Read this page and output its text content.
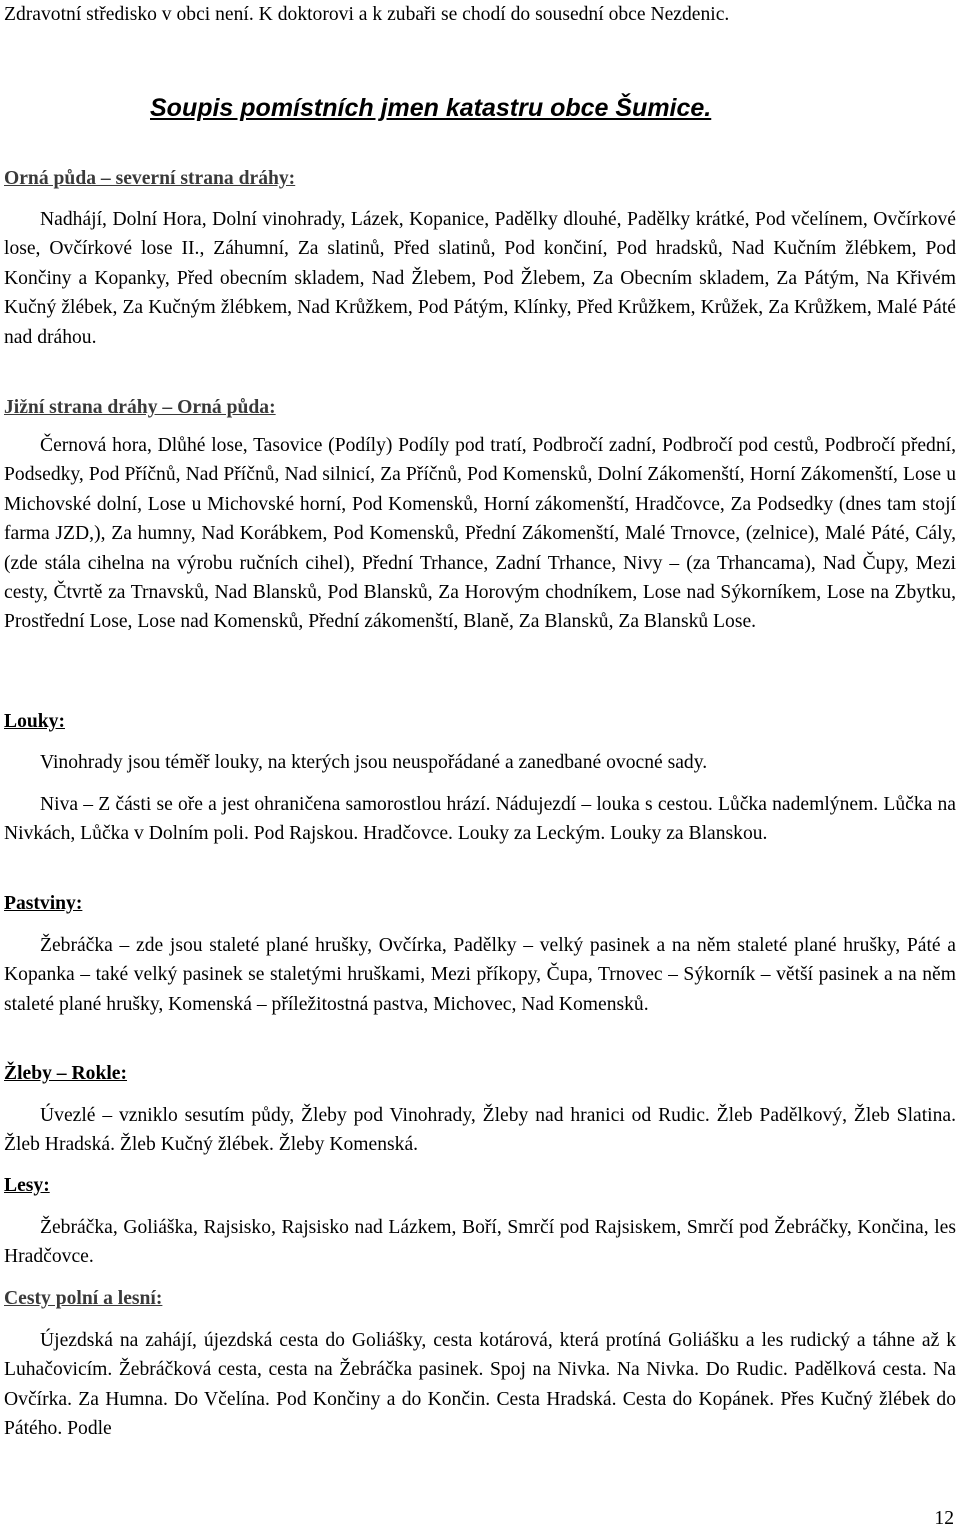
Zdravotní středisko v obci není. K doktorovi a k zubaři se chodí do sousední obce Nezdenic.

Soupis pomístních jmen katastru obce Šumice.
Orná půda – severní strana dráhy:

Nadhájí, Dolní Hora, Dolní vinohrady, Lázek, Kopanice, Padělky dlouhé, Padělky krátké, Pod včelínem, Ovčírkové lose, Ovčírkové lose II., Záhumní, Za slatinů, Před slatinů, Pod končiní, Pod hradsků, Nad Kučním žlébkem, Pod Končiny a Kopanky, Před obecním skladem, Nad Žlebem, Pod Žlebem, Za Obecním skladem, Za Pátým, Na Křivém Kučný žlébek, Za Kučným žlébkem, Nad Krůžkem, Pod Pátým, Klínky, Před Krůžkem, Krůžek, Za Krůžkem, Malé Páté nad dráhou.

Jižní strana dráhy – Orná půda:

Černová hora, Dlůhé lose, Tasovice (Podíly) Podíly pod tratí, Podbročí zadní, Podbročí pod cestů, Podbročí přední, Podsedky, Pod Příčnů, Nad Příčnů, Nad silnicí, Za Příčnů, Pod Komensků, Dolní Zákomenští, Horní Zákomenští, Lose u Michovské dolní, Lose u Michovské horní, Pod Komensků, Horní zákomenští, Hradčovce, Za Podsedky (dnes tam stojí farma JZD,), Za humny, Nad Korábkem, Pod Komensků, Přední Zákomenští, Malé Trnovce, (zelnice), Malé Páté, Cály, (zde stála cihelna na výrobu ručních cihel), Přední Trhance, Zadní Trhance, Nivy – (za Trhancama), Nad Čupy, Mezi cesty, Čtvrtě za Trnavsků, Nad Blansků, Pod Blansků, Za Horovým chodníkem, Lose nad Sýkorníkem, Lose na Zbytku, Prostřední Lose, Lose nad Komensků, Přední zákomenští, Blaně, Za Blansků, Za Blansků Lose.

Louky:

Vinohrady jsou téměř louky, na kterých jsou neuspořádané a zanedbané ovocné sady.

Niva – Z části se oře a jest ohraničena samorostlou hrází. Nádujezdí – louka s cestou. Lůčka nademlýnem. Lůčka na Nivkách, Lůčka v Dolním poli. Pod Rajskou. Hradčovce. Louky za Leckým. Louky za Blanskou.

Pastviny:

Žebráčka – zde jsou staleté plané hrušky, Ovčírka, Padělky – velký pasinek a na něm staleté plané hrušky, Páté a Kopanka – také velký pasinek se staletými hruškami, Mezi příkopy, Čupa, Trnovec – Sýkorník – větší pasinek a na něm staleté plané hrušky, Komenská – příležitostná pastva, Michovec, Nad Komensků.

Žleby – Rokle:

Úvezlé – vzniklo sesutím půdy, Žleby pod Vinohrady, Žleby nad hranici od Rudic. Žleb Padělkový, Žleb Slatina. Žleb Hradská. Žleb Kučný žlébek. Žleby Komenská.

Lesy:

Žebráčka, Goliáška, Rajsisko, Rajsisko nad Lázkem, Boří, Smrčí pod Rajsiskem, Smrčí pod Žebráčky, Končina, les Hradčovce.

Cesty polní a lesní:

Újezdská na zahájí, újezdská cesta do Goliášky, cesta kotárová, která protíná Goliášku a les rudický a táhne až k Luhačovicím. Žebráčková cesta, cesta na Žebráčka pasinek. Spoj na Nivka. Na Nivka. Do Rudic. Padělková cesta. Na Ovčírka. Za Humna. Do Včelína. Pod Končiny a do Končin. Cesta Hradská. Cesta do Kopánek. Přes Kučný žlébek do Pátého. Podle

12
